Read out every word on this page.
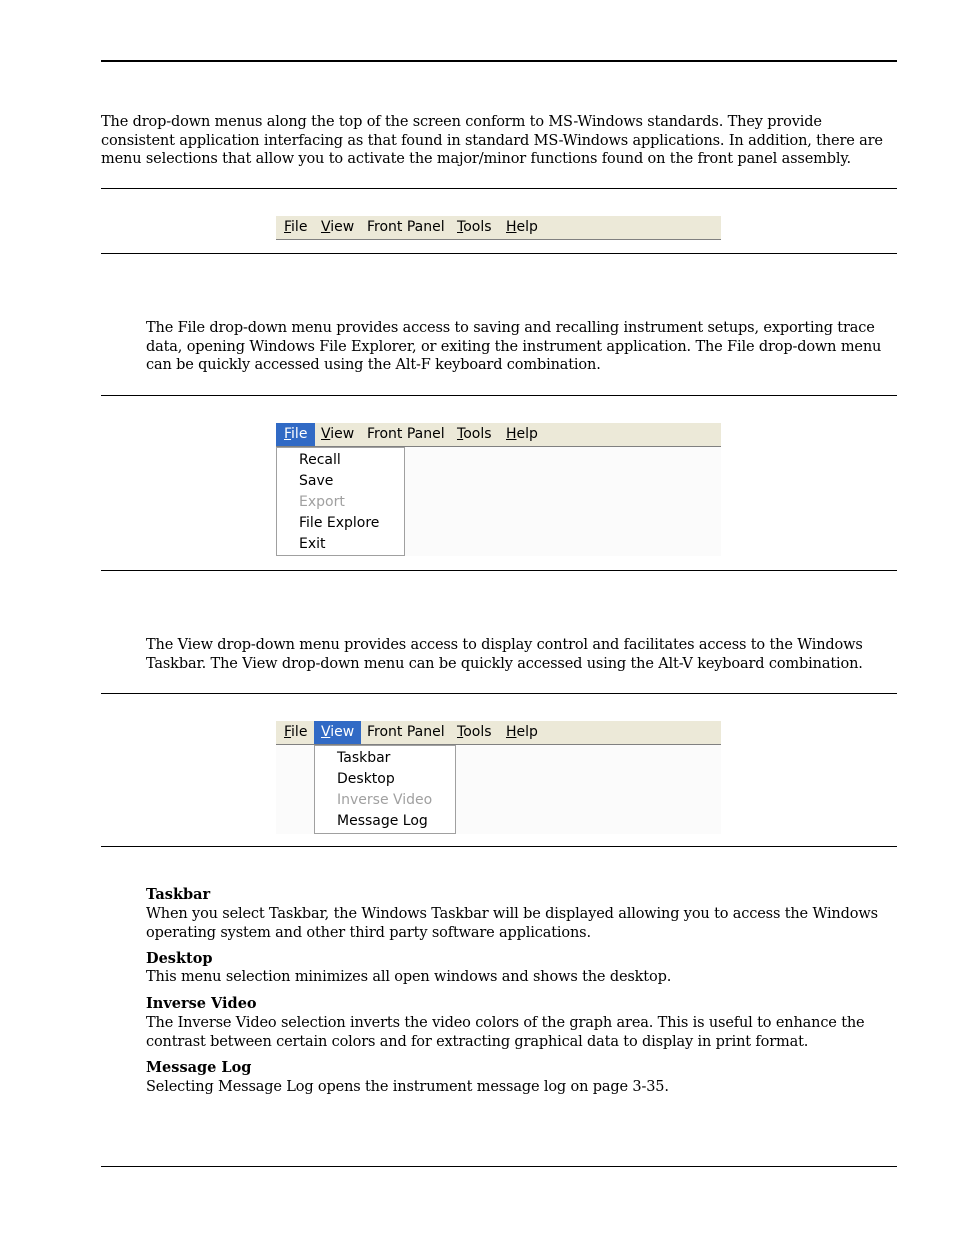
The drop-down menus along the top of the screen conform to MS-Windows standards. They provide consistent application interfacing as that found in standard MS-Windows applications. In addition, there are menu selections that allow you to activate the major/minor functions found on the front panel assembly.

File View Front Panel Tools Help

The File drop-down menu provides access to saving and recalling instrument setups, exporting trace data, opening Windows File Explorer, or exiting the instrument application. The File drop-down menu can be quickly accessed using the Alt-F keyboard combination.

File View Front Panel Tools Help
Recall
Save
Export
File Explore
Exit

The View drop-down menu provides access to display control and facilitates access to the Windows Taskbar. The View drop-down menu can be quickly accessed using the Alt-V keyboard combination.

File View Front Panel Tools Help
Taskbar
Desktop
Inverse Video
Message Log

Taskbar

When you select Taskbar, the Windows Taskbar will be displayed allowing you to access the Windows operating system and other third party software applications.

Desktop

This menu selection minimizes all open windows and shows the desktop.

Inverse Video

The Inverse Video selection inverts the video colors of the graph area. This is useful to enhance the contrast between certain colors and for extracting graphical data to display in print format.

Message Log

Selecting Message Log opens the instrument message log on page 3-35.
